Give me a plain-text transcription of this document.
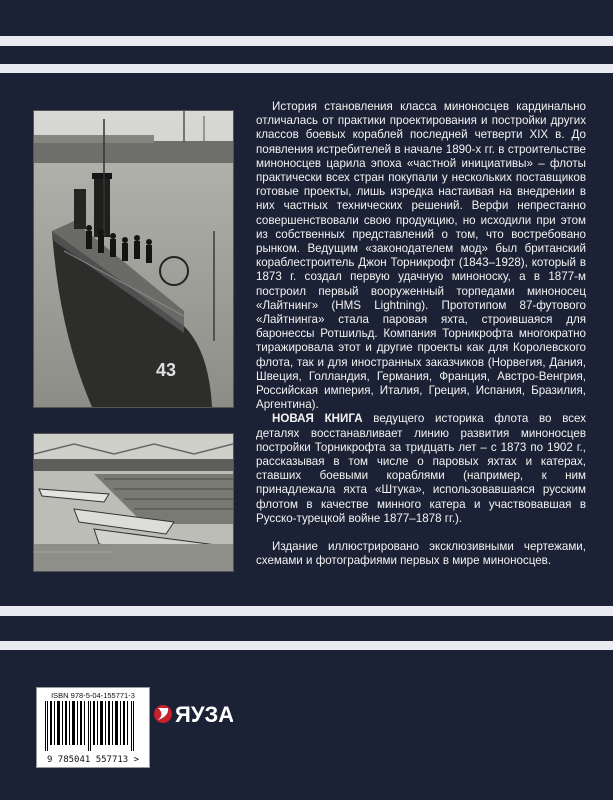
43

История становления класса миноносцев кардинально отличалась от практики проектирования и постройки других классов боевых кораблей последней четверти XIX в. До появления истребителей в начале 1890-х гг. в строительстве миноносцев царила эпоха «частной инициативы» – флоты практически всех стран покупали у нескольких поставщиков готовые проекты, лишь изредка настаивая на внедрении в них частных технических решений. Верфи непрестанно совершенствовали свою продукцию, но исходили при этом из собственных представлений о том, что востребовано рынком. Ведущим «законодателем мод» был британский кораблестроитель Джон Торникрофт (1843–1928), который в 1873 г. создал первую удачную миноноску, а в 1877-м построил первый вооруженный торпедами миноносец «Лайтнинг» (HMS Lightning). Прототипом 87-футового «Лайтнинга» стала паровая яхта, строившаяся для баронессы Ротшильд. Компания Торникрофта многократно тиражировала этот и другие проекты как для Королевского флота, так и для иностранных заказчиков (Норвегия, Дания, Швеция, Голландия, Германия, Франция, Австро-Венгрия, Российская империя, Италия, Греция, Испания, Бразилия, Аргентина).

НОВАЯ КНИГА ведущего историка флота во всех деталях восстанавливает линию развития миноносцев постройки Торникрофта за тридцать лет – с 1873 по 1902 г., рассказывая в том числе о паровых яхтах и катерах, ставших боевыми кораблями (например, к ним принадлежала яхта «Штука», использовавшаяся русским флотом в качестве минного катера и участвовавшая в Русско-турецкой войне 1877–1878 гг.).

Издание иллюстрировано эксклюзивными чертежами, схемами и фотографиями первых в мире миноносцев.

ISBN 978-5-04-155771-3
9 785041 557713 >
ЯУЗА
